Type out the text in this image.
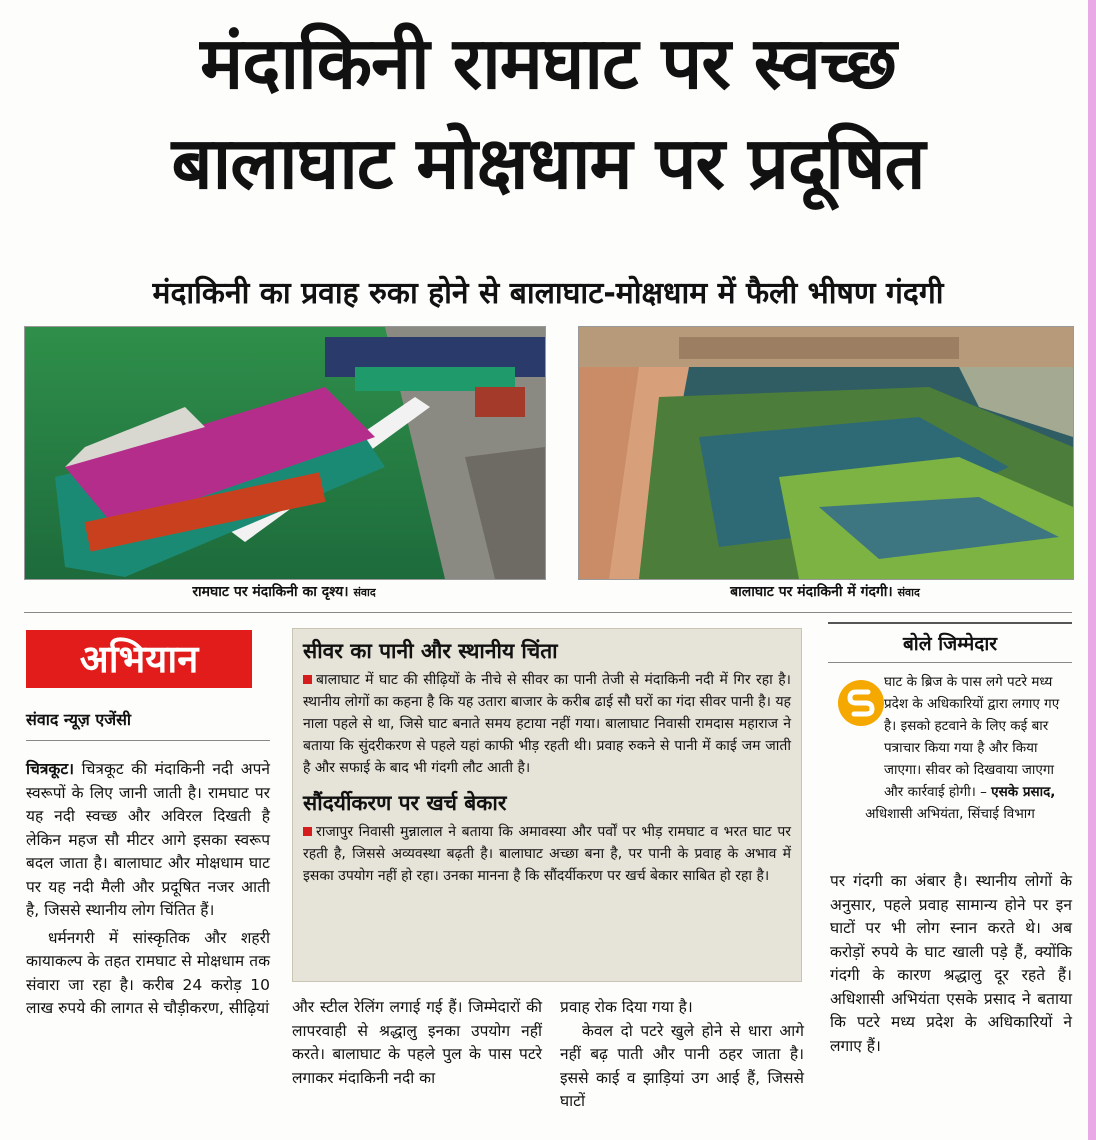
मंदाकिनी रामघाट पर स्वच्छ
बालाघाट मोक्षधाम पर प्रदूषित
मंदाकिनी का प्रवाह रुका होने से बालाघाट-मोक्षधाम में फैली भीषण गंदगी
रामघाट पर मंदाकिनी का दृश्य। संवाद	बालाघाट पर मंदाकिनी में गंदगी। संवाद
अभियान
संवाद न्यूज़ एजेंसी

चित्रकूट। चित्रकूट की मंदाकिनी नदी अपने स्वरूपों के लिए जानी जाती है। रामघाट पर यह नदी स्वच्छ और अविरल दिखती है लेकिन महज सौ मीटर आगे इसका स्वरूप बदल जाता है। बालाघाट और मोक्षधाम घाट पर यह नदी मैली और प्रदूषित नजर आती है, जिससे स्थानीय लोग चिंतित हैं।

धर्मनगरी में सांस्कृतिक और शहरी कायाकल्प के तहत रामघाट से मोक्षधाम तक संवारा जा रहा है। करीब 24 करोड़ 10 लाख रुपये की लागत से चौड़ीकरण, सीढ़ियां

सीवर का पानी और स्थानीय चिंता
बालाघाट में घाट की सीढ़ियों के नीचे से सीवर का पानी तेजी से मंदाकिनी नदी में गिर रहा है। स्थानीय लोगों का कहना है कि यह उतारा बाजार के करीब ढाई सौ घरों का गंदा सीवर पानी है। यह नाला पहले से था, जिसे घाट बनाते समय हटाया नहीं गया। बालाघाट निवासी रामदास महाराज ने बताया कि सुंदरीकरण से पहले यहां काफी भीड़ रहती थी। प्रवाह रुकने से पानी में काई जम जाती है और सफाई के बाद भी गंदगी लौट आती है।
सौंदर्यीकरण पर खर्च बेकार
राजापुर निवासी मुन्नालाल ने बताया कि अमावस्या और पर्वों पर भीड़ रामघाट व भरत घाट पर रहती है, जिससे अव्यवस्था बढ़ती है। बालाघाट अच्छा बना है, पर पानी के प्रवाह के अभाव में इसका उपयोग नहीं हो रहा। उनका मानना है कि सौंदर्यीकरण पर खर्च बेकार साबित हो रहा है।

और स्टील रेलिंग लगाई गई हैं। जिम्मेदारों की लापरवाही से श्रद्धालु इनका उपयोग नहीं करते। बालाघाट के पहले पुल के पास पटरे लगाकर मंदाकिनी नदी का

प्रवाह रोक दिया गया है।

केवल दो पटरे खुले होने से धारा आगे नहीं बढ़ पाती और पानी ठहर जाता है। इससे काई व झाड़ियां उग आई हैं, जिससे घाटों

बोले जिम्मेदार
घाट के ब्रिज के पास लगे पटरे मध्य प्रदेश के अधिकारियों द्वारा लगाए गए है। इसको हटवाने के लिए कई बार पत्राचार किया गया है और किया जाएगा। सीवर को दिखवाया जाएगा और कार्रवाई होगी। – एसके प्रसाद,
अधिशासी अभियंता, सिंचाई विभाग

पर गंदगी का अंबार है। स्थानीय लोगों के अनुसार, पहले प्रवाह सामान्य होने पर इन घाटों पर भी लोग स्नान करते थे। अब करोड़ों रुपये के घाट खाली पड़े हैं, क्योंकि गंदगी के कारण श्रद्धालु दूर रहते हैं। अधिशासी अभियंता एसके प्रसाद ने बताया कि पटरे मध्य प्रदेश के अधिकारियों ने लगाए हैं।
